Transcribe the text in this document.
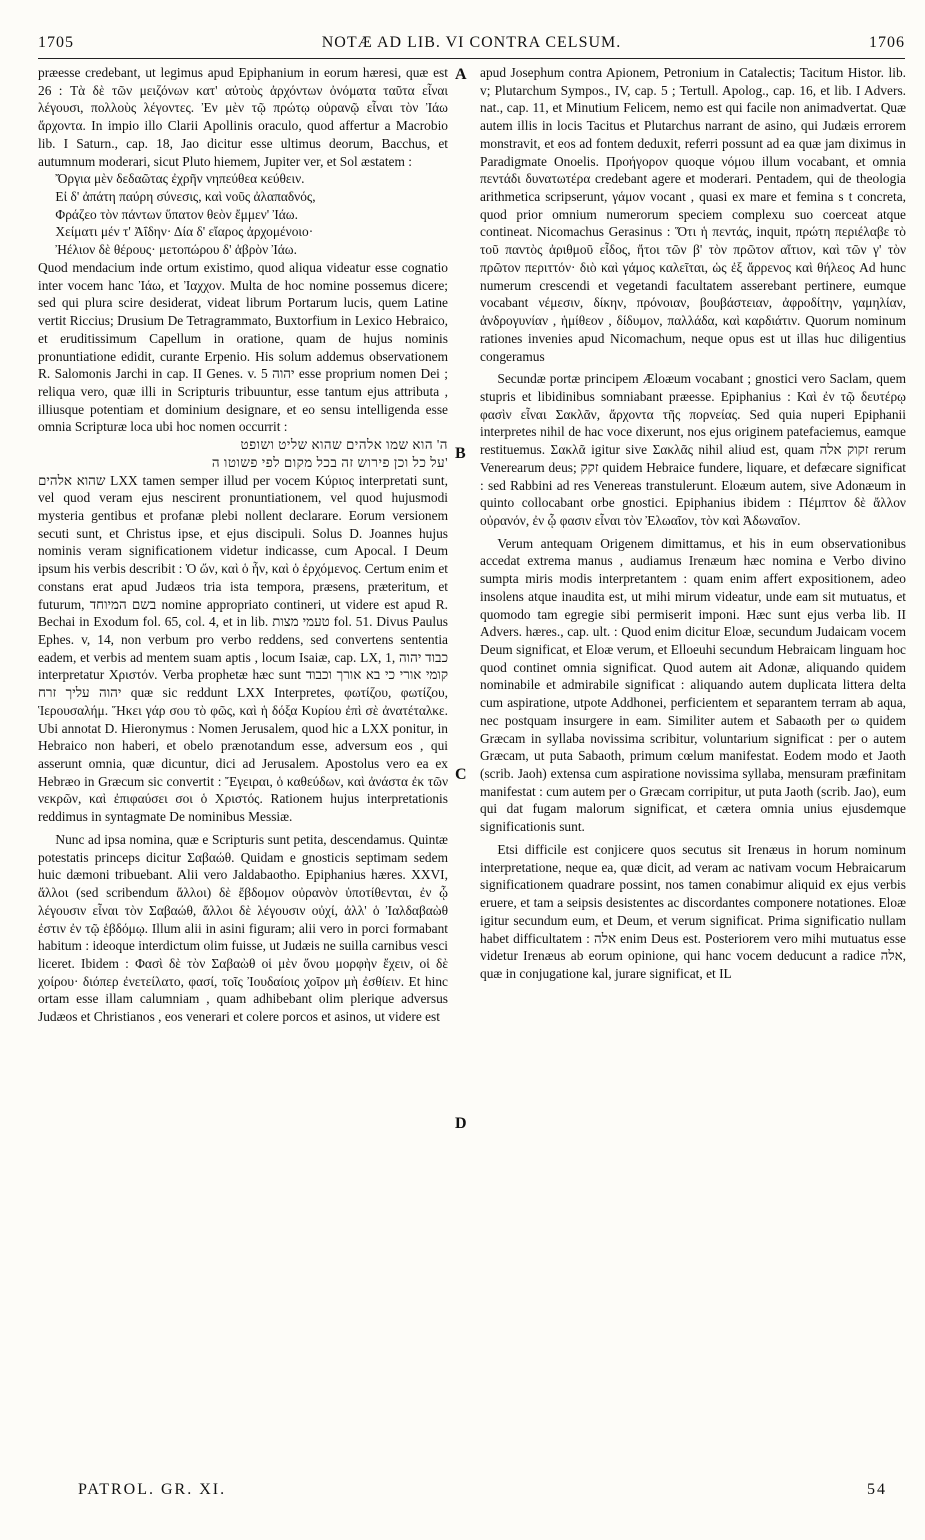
1705	NOTÆ AD LIB. VI CONTRA CELSUM.	1706

præesse credebant, ut legimus apud Epiphanium in eorum hæresi, quæ est 26 : Τὰ δὲ τῶν μειζόνων κατ' αὐτοὺς ἀρχόντων ὀνόματα ταῦτα εἶναι λέγουσι, πολλοὺς λέγοντες. Ἐν μὲν τῷ πρώτῳ οὐρανῷ εἶναι τὸν Ἰάω ἄρχοντα. In impio illo Clarii Apollinis oraculo, quod affertur a Macrobio lib. I Saturn., cap. 18, Jao dicitur esse ultimus deorum, Bacchus, et autumnum moderari, sicut Pluto hiemem, Jupiter ver, et Sol æstatem :

Ὄργια μὲν δεδαῶτας ἐχρῆν νηπεύθεα κεύθειν.

Εἰ δ' ἀπάτη παύρη σύνεσις, καὶ νοῦς ἀλαπαδνός,

Φράζεο τὸν πάντων ὕπατον θεὸν ἔμμεν' Ἰάω.

Χείματι μέν τ' Ἀΐδην· Δία δ' εἴαρος ἀρχομένοιο·

Ἠέλιον δὲ θέρους· μετοπώρου δ' ἁβρὸν Ἰάω.

Quod mendacium inde ortum existimo, quod aliqua videatur esse cognatio inter vocem hanc Ἰάω, et Ἰαχχον. Multa de hoc nomine possemus dicere; sed qui plura scire desiderat, videat librum Portarum lucis, quem Latine vertit Riccius; Drusium De Tetragrammato, Buxtorfium in Lexico Hebraico, et eruditissimum Capellum in oratione, quam de hujus nominis pronuntiatione edidit, curante Erpenio. His solum addemus observationem R. Salomonis Jarchi in cap. II Genes. v. 5 יהוה esse proprium nomen Dei ; reliqua vero, quæ illi in Scripturis tribuuntur, esse tantum ejus attributa , illiusque potentiam et dominium designare, et eo sensu intelligenda esse omnia Scripturæ loca ubi hoc nomen occurrit :

ה' הוא שמו אלהים שהוא שליט ושופט

על כל וכן פירוש זה בכל מקום לפי פשוטו ה'

שהוא אלהים LXX tamen semper illud per vocem Κύριος interpretati sunt, vel quod veram ejus nescirent pronuntiationem, vel quod hujusmodi mysteria gentibus et profanæ plebi nollent declarare. Eorum versionem secuti sunt, et Christus ipse, et ejus discipuli. Solus D. Joannes hujus nominis veram significationem videtur indicasse, cum Apocal. I Deum ipsum his verbis describit : Ὁ ὤν, καὶ ὁ ἦν, καὶ ὁ ἐρχόμενος. Certum enim et constans erat apud Judæos tria ista tempora, præsens, præteritum, et futurum, בשם המיוחד nomine appropriato contineri, ut videre est apud R. Bechai in Exodum fol. 65, col. 4, et in lib. טעמי מצות fol. 51. Divus Paulus Ephes. v, 14, non verbum pro verbo reddens, sed convertens sententia eadem, et verbis ad mentem suam aptis , locum Isaiæ, cap. LX, 1, כבוד יהוה interpretatur Χριστόν. Verba prophetæ hæc sunt קומי אורי כי בא אורך וכבוד יהוה עליך זרח quæ sic reddunt LXX Interpretes, φωτίζου, φωτίζου, Ἱερουσαλήμ. Ἥκει γάρ σου τὸ φῶς, καὶ ἡ δόξα Κυρίου ἐπὶ σὲ ἀνατέταλκε. Ubi annotat D. Hieronymus : Nomen Jerusalem, quod hic a LXX ponitur, in Hebraico non haberi, et obelo prænotandum esse, adversum eos , qui asserunt omnia, quæ dicuntur, dici ad Jerusalem. Apostolus vero ea ex Hebræo in Græcum sic convertit : Ἔγειραι, ὁ καθεύδων, καὶ ἀνάστα ἐκ τῶν νεκρῶν, καὶ ἐπιφαύσει σοι ὁ Χριστός. Rationem hujus interpretationis reddimus in syntagmate De nominibus Messiæ.

Nunc ad ipsa nomina, quæ e Scripturis sunt petita, descendamus. Quintæ potestatis princeps dicitur Σαβαώθ. Quidam e gnosticis septimam sedem huic dæmoni tribuebant. Alii vero Jaldabaotho. Epiphanius hæres. XXVI, ἄλλοι (sed scribendum ἄλλοι) δὲ ἔβδομον οὐρανὸν ὑποτίθενται, ἐν ᾧ λέγουσιν εἶναι τὸν Σαβαώθ, ἄλλοι δὲ λέγουσιν οὐχί, ἀλλ' ὁ Ἰαλδαβαὼθ ἐστιν ἐν τῷ ἑβδόμῳ. Illum alii in asini figuram; alii vero in porci formabant habitum : ideoque interdictum olim fuisse, ut Judæis ne suilla carnibus vesci liceret. Ibidem : Φασὶ δὲ τὸν Σαβαὼθ οἱ μὲν ὄνου μορφὴν ἔχειν, οἱ δὲ χοίρου· διόπερ ἐνετείλατο, φασί, τοῖς Ἰουδαίοις χοῖρον μὴ ἐσθίειν. Et hinc ortam esse illam calumniam , quam adhibebant olim plerique adversus Judæos et Christianos , eos venerari et colere porcos et asinos, ut videre est

A
B
C
D

apud Josephum contra Apionem, Petronium in Catalectis; Tacitum Histor. lib. v; Plutarchum Sympos., IV, cap. 5 ; Tertull. Apolog., cap. 16, et lib. I Advers. nat., cap. 11, et Minutium Felicem, nemo est qui facile non animadvertat. Quæ autem illis in locis Tacitus et Plutarchus narrant de asino, qui Judæis errorem monstravit, et eos ad fontem deduxit, referri possunt ad ea quæ jam diximus in Paradigmate Onoelis. Προήγορον quoque νόμου illum vocabant, et omnia πεντάδι δυνατωτέρα credebant agere et moderari. Pentadem, qui de theologia arithmetica scripserunt, γάμον vocant , quasi ex mare et femina s t concreta, quod prior omnium numerorum speciem complexu suo coerceat atque contineat. Nicomachus Gerasinus : Ὅτι ἡ πεντάς, inquit, πρώτη περιέλαβε τὸ τοῦ παντὸς ἀριθμοῦ εἶδος, ἤτοι τῶν β' τὸν πρῶτον αἴτιον, καὶ τῶν γ' τὸν πρῶτον περιττόν· διὸ καὶ γάμος καλεῖται, ὡς ἐξ ἄρρενος καὶ θήλεος Ad hunc numerum crescendi et vegetandi facultatem asserebant pertinere, eumque vocabant νέμεσιν, δίκην, πρόνοιαν, βουβάστειαν, ἀφροδίτην, γαμηλίαν, ἀνδρογυνίαν , ἡμίθεον , δίδυμον, παλλάδα, καὶ καρδιάτιν. Quorum nominum rationes invenies apud Nicomachum, neque opus est ut illas huc diligentius congeramus

Secundæ portæ principem Æloæum vocabant ; gnostici vero Saclam, quem stupris et libidinibus somniabant præesse. Epiphanius : Καὶ ἐν τῷ δευτέρῳ φασὶν εἶναι Σακλᾶν, ἄρχοντα τῆς πορνείας. Sed quia nuperi Epiphanii interpretes nihil de hac voce dixerunt, nos ejus originem patefaciemus, eamque restituemus. Σακλᾶ igitur sive Σακλᾶς nihil aliud est, quam זקוק אלה rerum Venerearum deus; זקק quidem Hebraice fundere, liquare, et defæcare significat : sed Rabbini ad res Venereas transtulerunt. Eloæum autem, sive Adonæum in quinto collocabant orbe gnostici. Epiphanius ibidem : Πέμπτον δὲ ἄλλον οὐρανόν, ἐν ᾧ φασιν εἶναι τὸν Ἐλωαῖον, τὸν καὶ Ἀδωναῖον.

Verum antequam Origenem dimittamus, et his in eum observationibus accedat extrema manus , audiamus Irenæum hæc nomina e Verbo divino sumpta miris modis interpretantem : quam enim affert expositionem, adeo insolens atque inaudita est, ut mihi mirum videatur, unde eam sit mutuatus, et quomodo tam egregie sibi permiserit imponi. Hæc sunt ejus verba lib. II Advers. hæres., cap. ult. : Quod enim dicitur Eloæ, secundum Judaicam vocem Deum significat, et Eloæ verum, et Elloeuhi secundum Hebraicam linguam hoc quod continet omnia significat. Quod autem ait Adonæ, aliquando quidem nominabile et admirabile significat : aliquando autem duplicata littera delta cum aspiratione, utpote Addhonei, perficientem et separantem terram ab aqua, nec postquam insurgere in eam. Similiter autem et Sabaωth per ω quidem Græcam in syllaba novissima scribitur, voluntarium significat : per o autem Græcam, ut puta Sabaoth, primum cœlum manifestat. Eodem modo et Jaoth (scrib. Jaoh) extensa cum aspiratione novissima syllaba, mensuram præfinitam manifestat : cum autem per o Græcam corripitur, ut puta Jaoth (scrib. Jao), eum qui dat fugam malorum significat, et cætera omnia unius ejusdemque significationis sunt.

Etsi difficile est conjicere quos secutus sit Irenæus in horum nominum interpretatione, neque ea, quæ dicit, ad veram ac nativam vocum Hebraicarum significationem quadrare possint, nos tamen conabimur aliquid ex ejus verbis eruere, et tam a seipsis desistentes ac discordantes componere notationes. Eloæ igitur secundum eum, et Deum, et verum significat. Prima significatio nullam habet difficultatem : אלה enim Deus est. Posteriorem vero mihi mutuatus esse videtur Irenæus ab eorum opinione, qui hanc vocem deducunt a radice אלה, quæ in conjugatione kal, jurare significat, et IL

PATROL. GR. XI.	54
